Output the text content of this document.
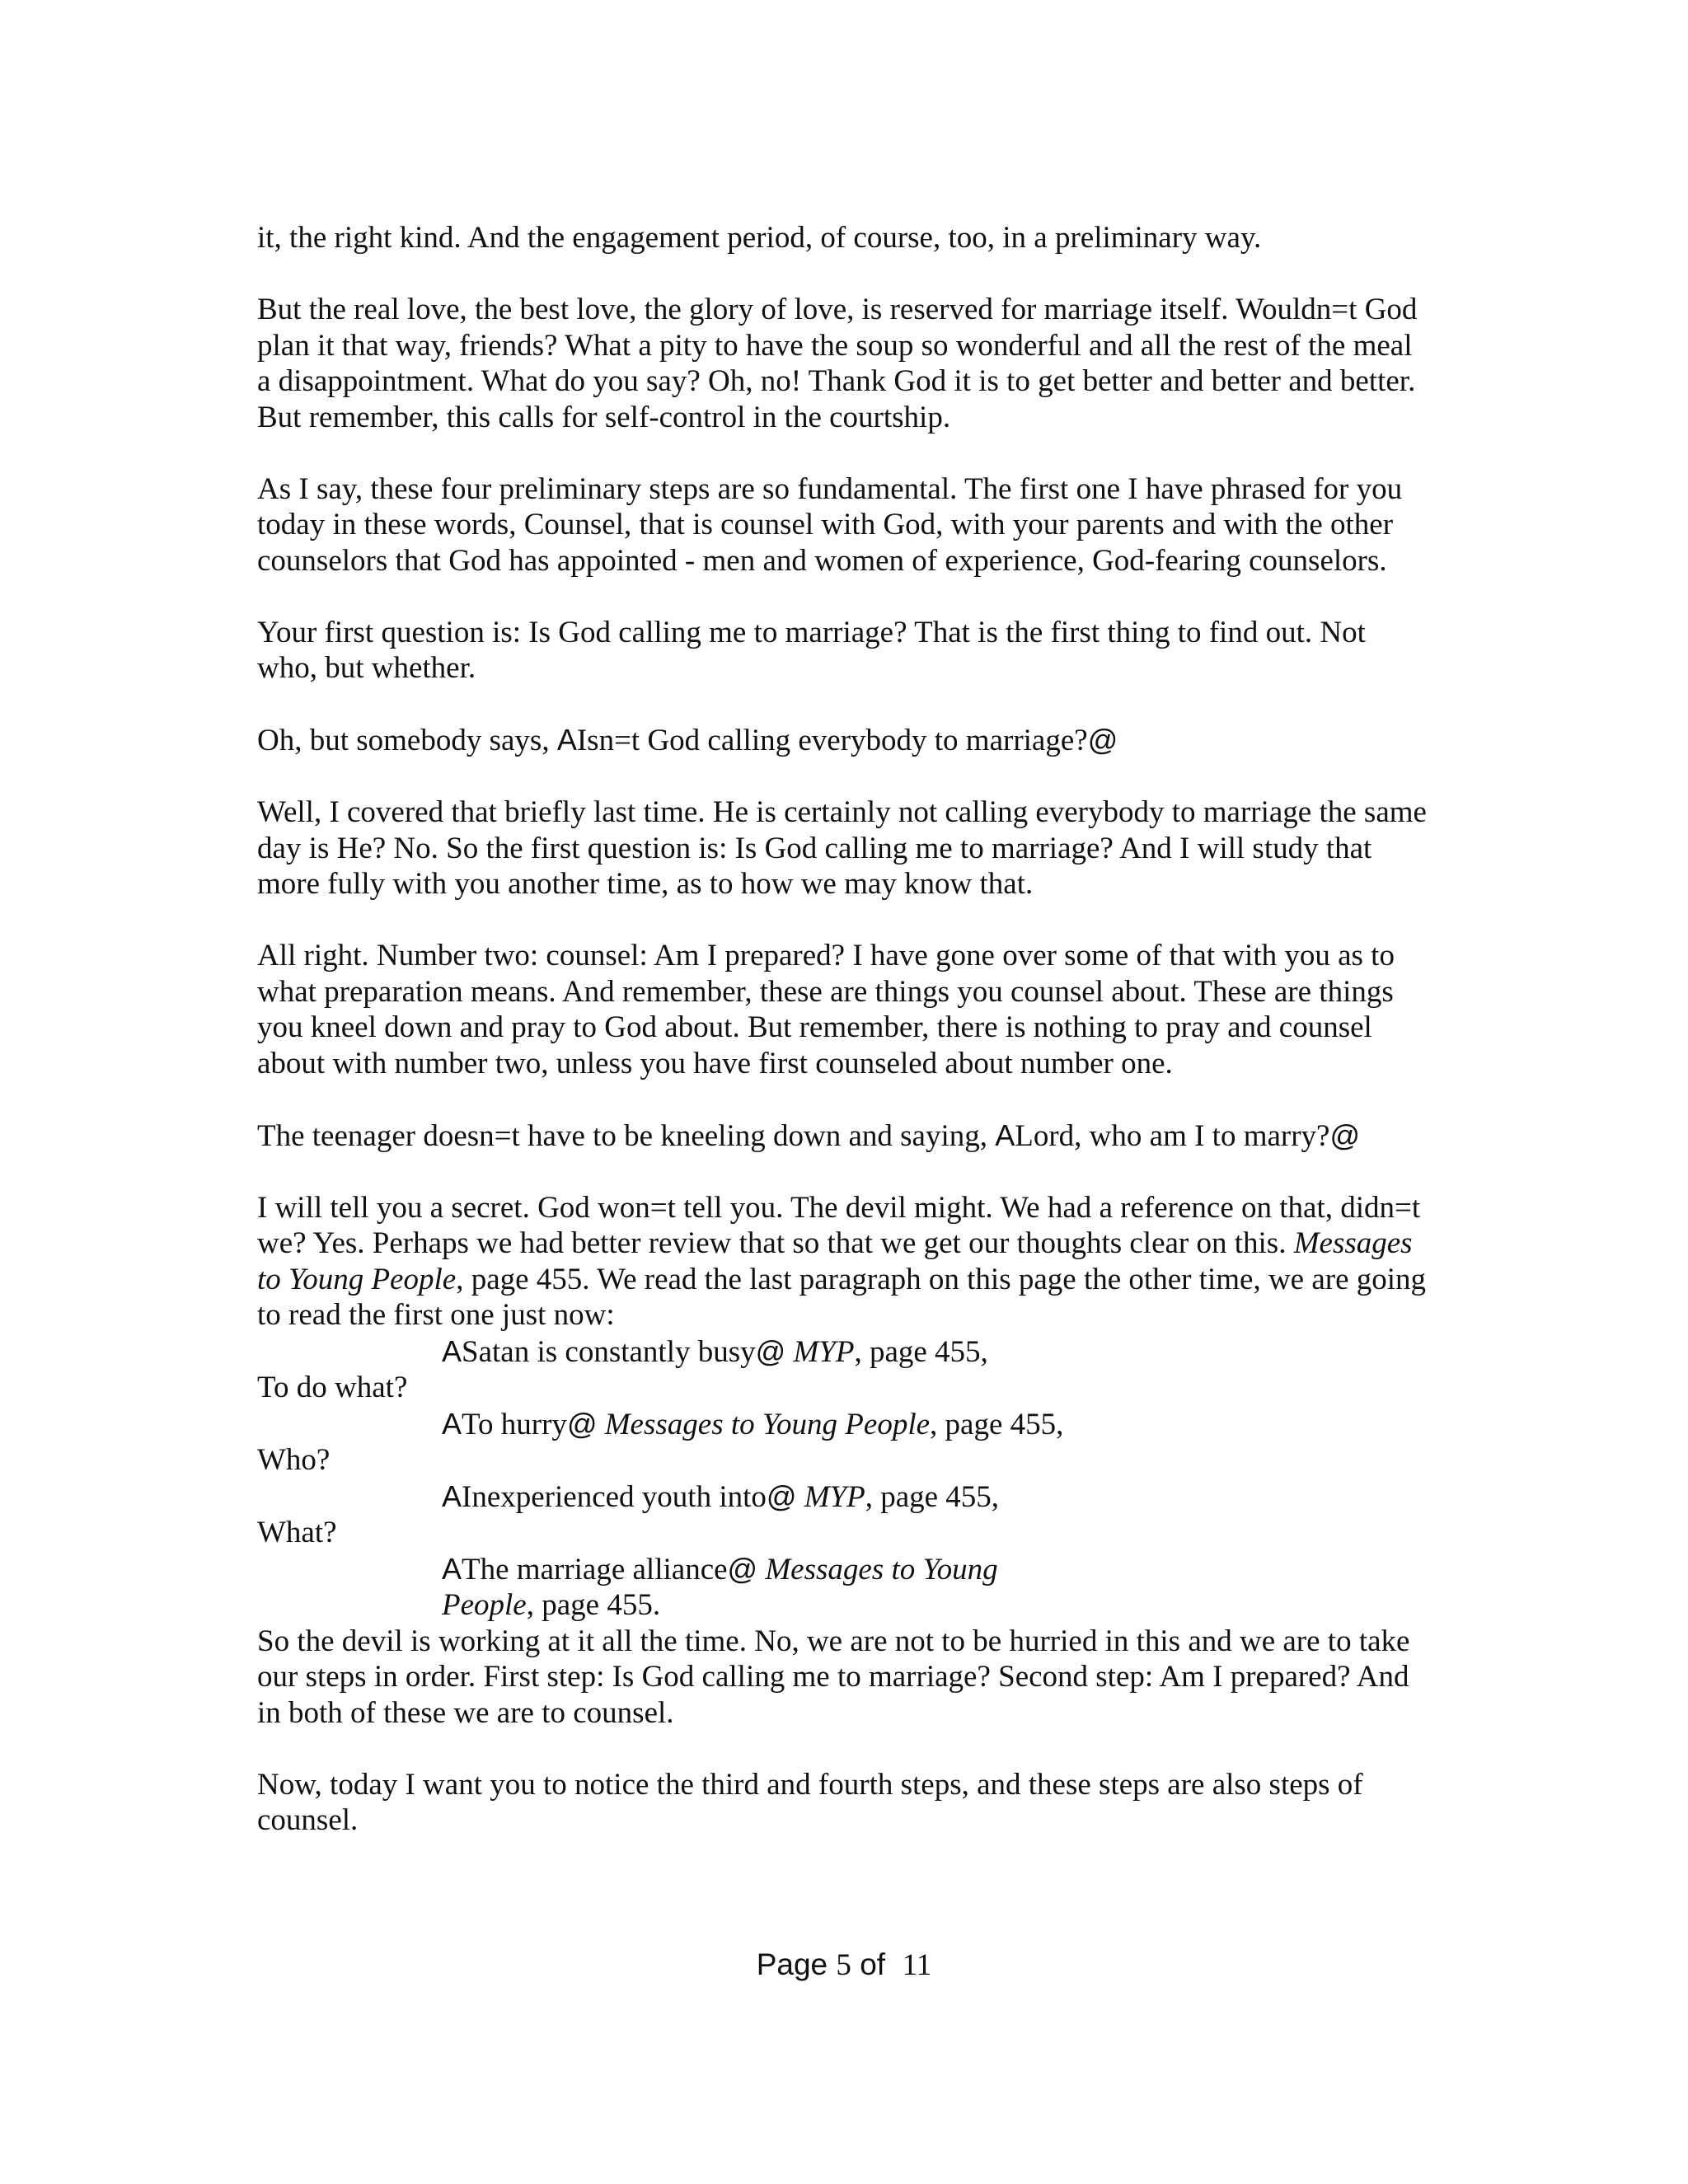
it, the right kind. And the engagement period, of course, too, in a preliminary way.

But the real love, the best love, the glory of love, is reserved for marriage itself. Wouldn=t God plan it that way, friends? What a pity to have the soup so wonderful and all the rest of the meal a disappointment. What do you say? Oh, no! Thank God it is to get better and better and better. But remember, this calls for self-control in the courtship.

As I say, these four preliminary steps are so fundamental. The first one I have phrased for you today in these words, Counsel, that is counsel with God, with your parents and with the other counselors that God has appointed - men and women of experience, God-fearing counselors.

Your first question is: Is God calling me to marriage? That is the first thing to find out. Not who, but whether.

Oh, but somebody says, AIsn=t God calling everybody to marriage?@

Well, I covered that briefly last time. He is certainly not calling everybody to marriage the same day is He? No. So the first question is: Is God calling me to marriage? And I will study that more fully with you another time, as to how we may know that.

All right. Number two: counsel: Am I prepared? I have gone over some of that with you as to what preparation means. And remember, these are things you counsel about. These are things you kneel down and pray to God about. But remember, there is nothing to pray and counsel about with number two, unless you have first counseled about number one.

The teenager doesn=t have to be kneeling down and saying, ALord, who am I to marry?@

I will tell you a secret. God won=t tell you. The devil might. We had a reference on that, didn=t we? Yes. Perhaps we had better review that so that we get our thoughts clear on this. Messages to Young People, page 455. We read the last paragraph on this page the other time, we are going to read the first one just now:

ASatan is constantly busy@ MYP, page 455,
To do what?
ATo hurry@ Messages to Young People, page 455,
Who?
AInexperienced youth into@ MYP, page 455,
What?
AThe marriage alliance@ Messages to Young People, page 455.

So the devil is working at it all the time. No, we are not to be hurried in this and we are to take our steps in order. First step: Is God calling me to marriage? Second step: Am I prepared? And in both of these we are to counsel.

Now, today I want you to notice the third and fourth steps, and these steps are also steps of counsel.

Page 5 of 11
